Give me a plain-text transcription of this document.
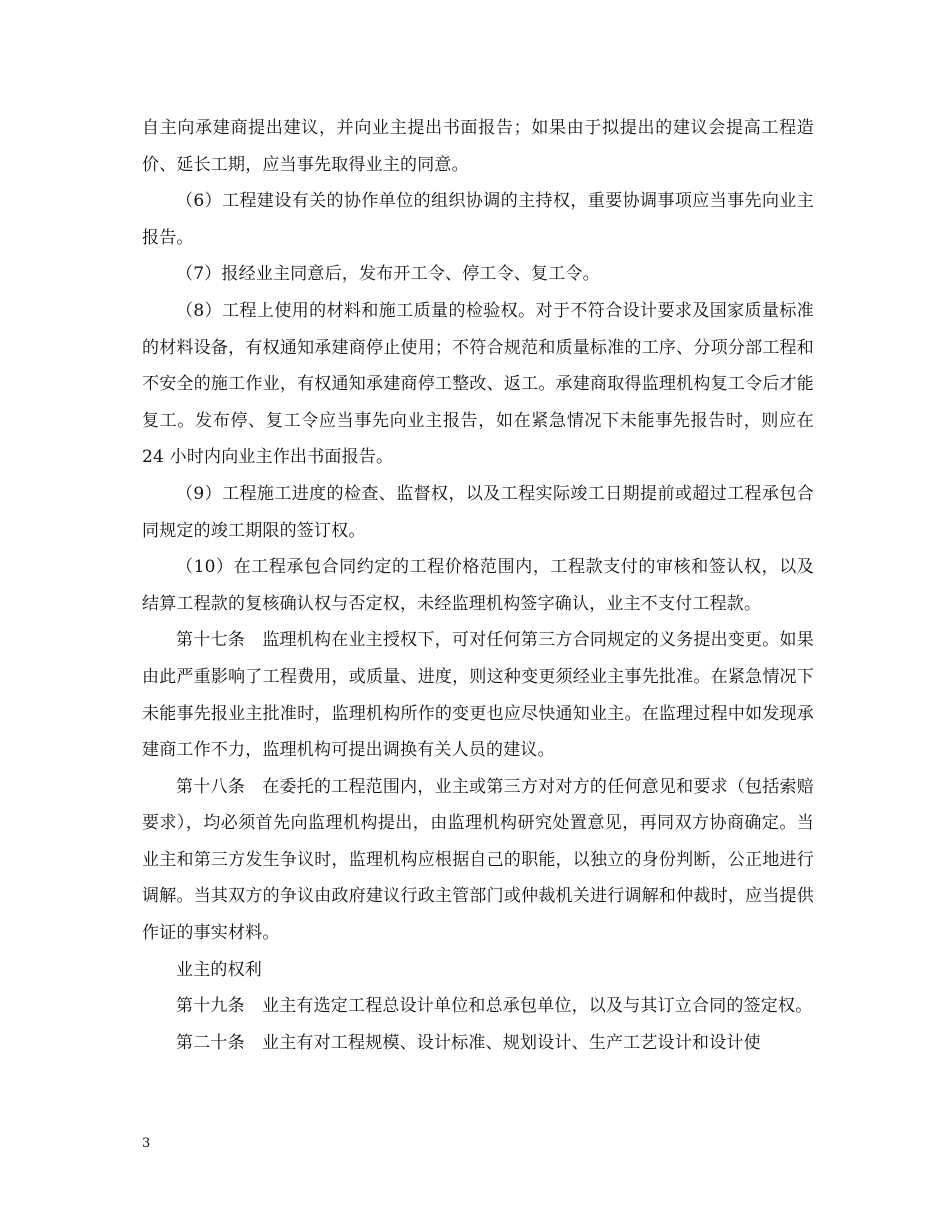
自主向承建商提出建议，并向业主提出书面报告；如果由于拟提出的建议会提高工程造价、延长工期，应当事先取得业主的同意。

（6）工程建设有关的协作单位的组织协调的主持权，重要协调事项应当事先向业主报告。

（7）报经业主同意后，发布开工令、停工令、复工令。

（8）工程上使用的材料和施工质量的检验权。对于不符合设计要求及国家质量标准的材料设备，有权通知承建商停止使用；不符合规范和质量标准的工序、分项分部工程和不安全的施工作业，有权通知承建商停工整改、返工。承建商取得监理机构复工令后才能复工。发布停、复工令应当事先向业主报告，如在紧急情况下未能事先报告时，则应在 24 小时内向业主作出书面报告。

（9）工程施工进度的检查、监督权，以及工程实际竣工日期提前或超过工程承包合同规定的竣工期限的签订权。

（10）在工程承包合同约定的工程价格范围内，工程款支付的审核和签认权，以及结算工程款的复核确认权与否定权，未经监理机构签字确认，业主不支付工程款。

第十七条　监理机构在业主授权下，可对任何第三方合同规定的义务提出变更。如果由此严重影响了工程费用，或质量、进度，则这种变更须经业主事先批准。在紧急情况下未能事先报业主批准时，监理机构所作的变更也应尽快通知业主。在监理过程中如发现承建商工作不力，监理机构可提出调换有关人员的建议。

第十八条　在委托的工程范围内，业主或第三方对对方的任何意见和要求（包括索赔要求），均必须首先向监理机构提出，由监理机构研究处置意见，再同双方协商确定。当业主和第三方发生争议时，监理机构应根据自己的职能，以独立的身份判断，公正地进行调解。当其双方的争议由政府建议行政主管部门或仲裁机关进行调解和仲裁时，应当提供作证的事实材料。

业主的权利

第十九条　业主有选定工程总设计单位和总承包单位，以及与其订立合同的签定权。

第二十条　业主有对工程规模、设计标准、规划设计、生产工艺设计和设计使

3
